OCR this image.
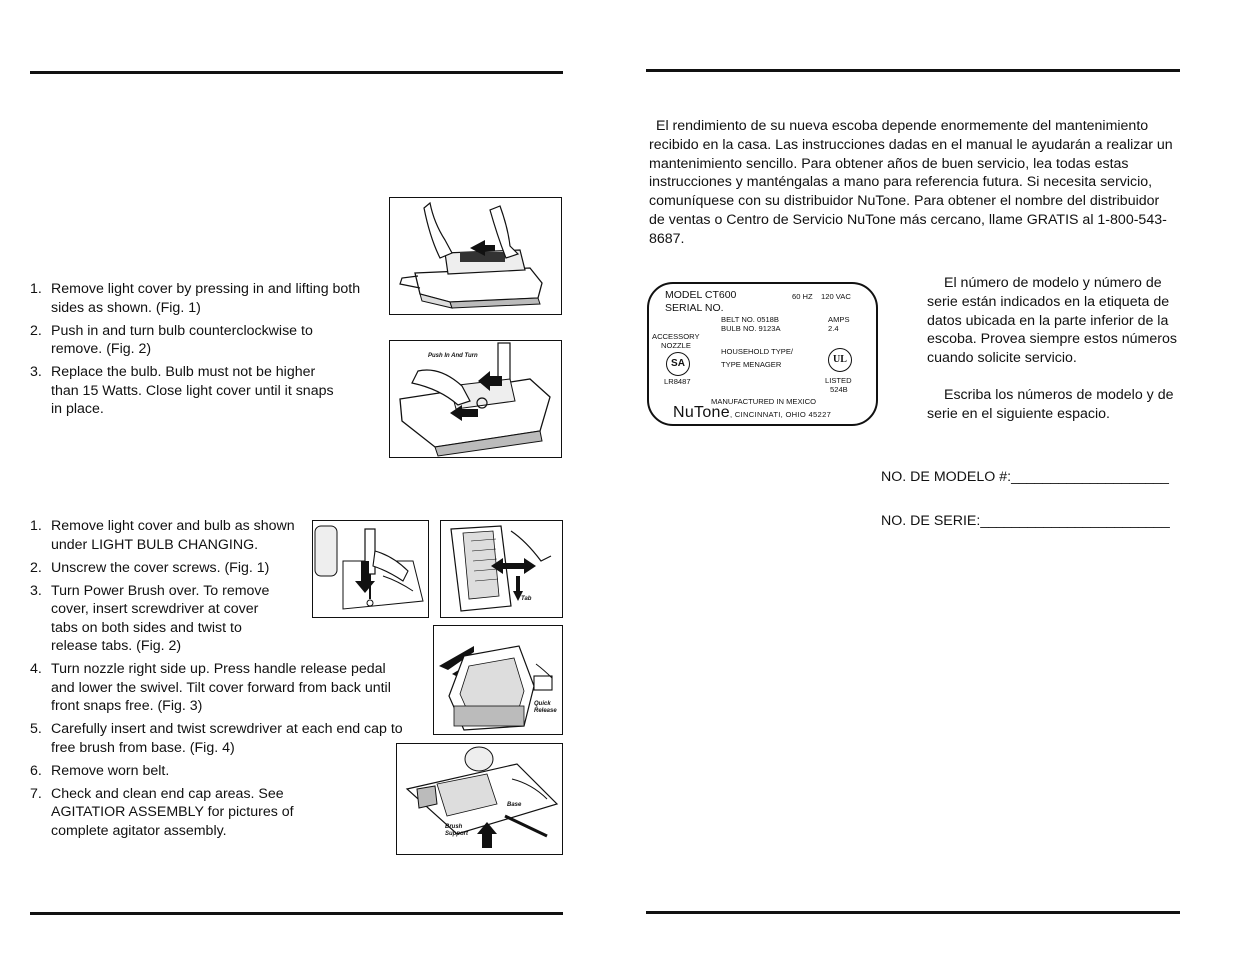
1. Remove light cover by pressing in and lifting both sides as shown. (Fig. 1)
2. Push in and turn bulb counterclockwise to remove. (Fig. 2)
3. Replace the bulb. Bulb must not be higher than 15 Watts. Close light cover until it snaps in place.
Push In And Turn
1. Remove light cover and bulb as shown under LIGHT BULB CHANGING.
2. Unscrew the cover screws. (Fig. 1)
3. Turn Power Brush over. To remove cover, insert screwdriver at cover tabs on both sides and twist to release tabs. (Fig. 2)
4. Turn nozzle right side up. Press handle release pedal and lower the swivel. Tilt cover forward from back until front snaps free. (Fig. 3)
5. Carefully insert and twist screwdriver at each end cap to free brush from base. (Fig. 4)
6. Remove worn belt.
7. Check and clean end cap areas. See AGITATIOR ASSEMBLY for pictures of complete agitator assembly.
Tab
Quick Release
Base
Brush Support
El rendimiento de su nueva escoba depende enormemente del mantenimiento recibido en la casa. Las instrucciones dadas en el manual le ayudarán a realizar un mantenimiento sencillo. Para obtener años de buen servicio, lea todas estas instrucciones y manténgalas a mano para referencia futura. Si necesita servicio, comuníquese con su distribuidor NuTone. Para obtener el nombre del distribuidor de ventas o Centro de Servicio NuTone más cercano, llame GRATIS al 1-800-543-8687.
MODEL CT600
SERIAL NO.
60 HZ 120 VAC
BELT NO. 0518B
BULB NO. 9123A
AMPS
2.4
ACCESSORY
NOZZLE
HOUSEHOLD TYPE/
TYPE MENAGER
SA
LR8487
UL
LISTED
524B
MANUFACTURED IN MEXICO
NuTone, CINCINNATI, OHIO 45227
El número de modelo y número de serie están indicados en la etiqueta de datos ubicada en la parte inferior de la escoba. Provea siempre estos números cuando solicite servicio.
Escriba los números de modelo y de serie en el siguiente espacio.
NO. DE MODELO #:____________________
NO. DE SERIE:________________________
